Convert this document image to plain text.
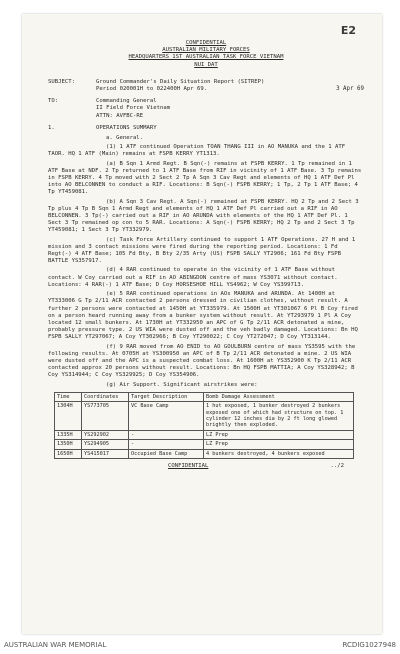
E2
CONFIDENTIAL
AUSTRALIAN MILITARY FORCES
HEADQUARTERS 1ST AUSTRALIAN TASK FORCE VIETNAM
NUI DAT
3 Apr 69
SUBJECT:	Ground Commander's Daily Situation Report (SITREP)
Period 020001H to 022400H Apr 69.
TO:	Commanding General
II Field Force Vietnam
ATTN: AVFBC-RE
1.	OPERATIONS SUMMARY
a. General.

(1) 1 ATF continued Operation TOAN THANG III in AO MANUKA and the 1 ATF TAOR. HQ 1 ATF (Main) remains at FSPB KERRY YT1313.

(a) B Sqn 1 Armd Regt. B Sqn(-) remains at FSPB KERRY. 1 Tp remained in 1 ATF Base at NDF. 2 Tp returned to 1 ATF Base from RIF in vicinity of 1 ATF Base. 3 Tp remains in FSPB KERRY. 4 Tp moved with 2 Sect 2 Tp A Sqn 3 Cav Regt and elements of HQ 1 ATF Def Pl into AO BELCONNEN to conduct a RIF. Locations: B Sqn(-) FSPB KERRY; 1 Tp, 2 Tp 1 ATF Base; 4 Tp YT459081.

(b) A Sqn 3 Cav Regt. A Sqn(-) remained at FSPB KERRY. HQ 2 Tp and 2 Sect 3 Tp plus 4 Tp B Sqn 1 Armd Regt and elements of HQ 1 ATF Def Pl carried out a RIF in AO BELCONNEN. 3 Tp(-) carried out a RIF in AO ARUNDA with elements of the HQ 1 ATF Def Pl. 1 Sect 3 Tp remained op con to 5 RAR. Locations: A Sqn(-) FSPB KERRY; HQ 2 Tp and 2 Sect 3 Tp YT459081; 1 Sect 3 Tp YT332979.

(c) Task Force Artillery continued to support 1 ATF Operations. 27 H and 1 mission and 3 contact missions were fired during the reporting period. Locations: 1 Fd Regt(-) 4 ATF Base; 105 Fd Bty, B Bty 2/35 Arty (US) FSPB SALLY YT2906; 161 Fd Bty FSPB BATTLE YS357917.

(d) 4 RAR continued to operate in the vicinity of 1 ATF Base without contact. W Coy carried out a RIF in AO ABINGDON centre of mass YS3071 without contact. Locations: 4 RAR(-) 1 ATF Base; D Coy HORSESHOE HILL YS4962; W Coy YS399713.

(e) 5 RAR continued operations in AOs MANUKA and ARUNDA. At 1400H at YT333006 G Tp 2/11 ACR contacted 2 persons dressed in civilian clothes, without result. A further 2 persons were contacted at 1450H at YT335979. At 1500H at YT301067 6 Pl B Coy fired on a person heard running away from a bunker system without result. At YT293979 1 Pl A Coy located 12 small bunkers. At 1730H at YT332950 an APC of G Tp 2/11 ACR detonated a mine, probably pressure type. 2 US WIA were dusted off and the veh badly damaged. Locations: Bn HQ FSPB SALLY YT297067; A Coy YT302966; B Coy YT290022; C Coy YT272047; D Coy YT313144.

(f) 9 RAR moved from AO ENID to AO GOULBURN centre of mass YS3595 with the following results. At 0705H at YS300950 an APC of B Tp 2/11 ACR detonated a mine. 2 US WIA were dusted off and the APC is a suspected combat loss. At 1600H at YS352900 K Tp 2/11 ACR contacted approx 20 persons without result. Locations: Bn HQ FSPB MATTIA; A Coy YS328942; B Coy YS314944; C Coy YS329925; D Coy YS354906.

(g) Air Support. Significant airstrikes were:

Time	Coordinates	Target Description	Bomb Damage Assessment
1304H	YS773705	VC Base Camp	1 hut exposed, 1 bunker destroyed 2 bunkers exposed one of which had structure on top. 1 cylinder 12 inches dia by 2 ft long glowed brightly then exploded.
1335H	YS292902	-	LZ Prep
1350H	YS294905	-	LZ Prep
1650H	YS415017	Occupied Base Camp	4 bunkers destroyed, 4 bunkers exposed
CONFIDENTIAL	../2
AUSTRALIAN WAR MEMORIAL	RCDIG1027948
